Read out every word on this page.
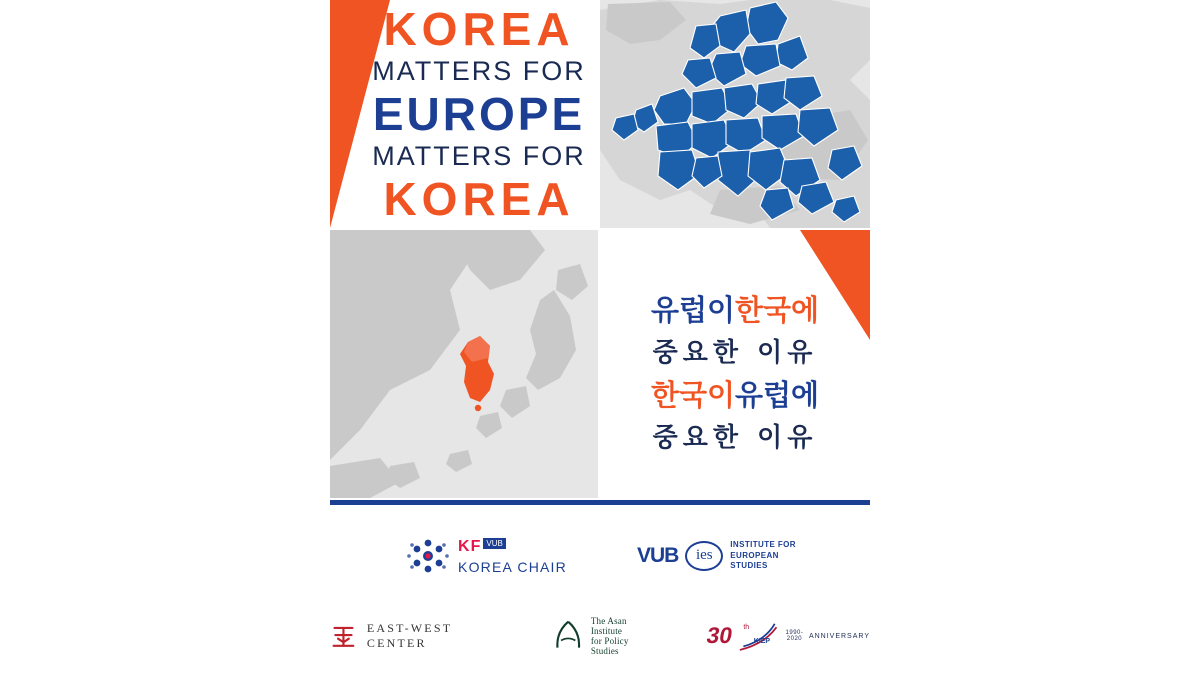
KOREA
MATTERS FOR
EUROPE
MATTERS FOR
KOREA
유럽이한국에
중요한 이유
한국이유럽에
중요한 이유
KF VUB
KOREA CHAIR	VUB	ies
INSTITUTE FOR
EUROPEAN
STUDIES
EAST-WEST CENTER
The Asan Institute
for Policy Studies
30 th
KIEP
1990-2020 ANNIVERSARY
